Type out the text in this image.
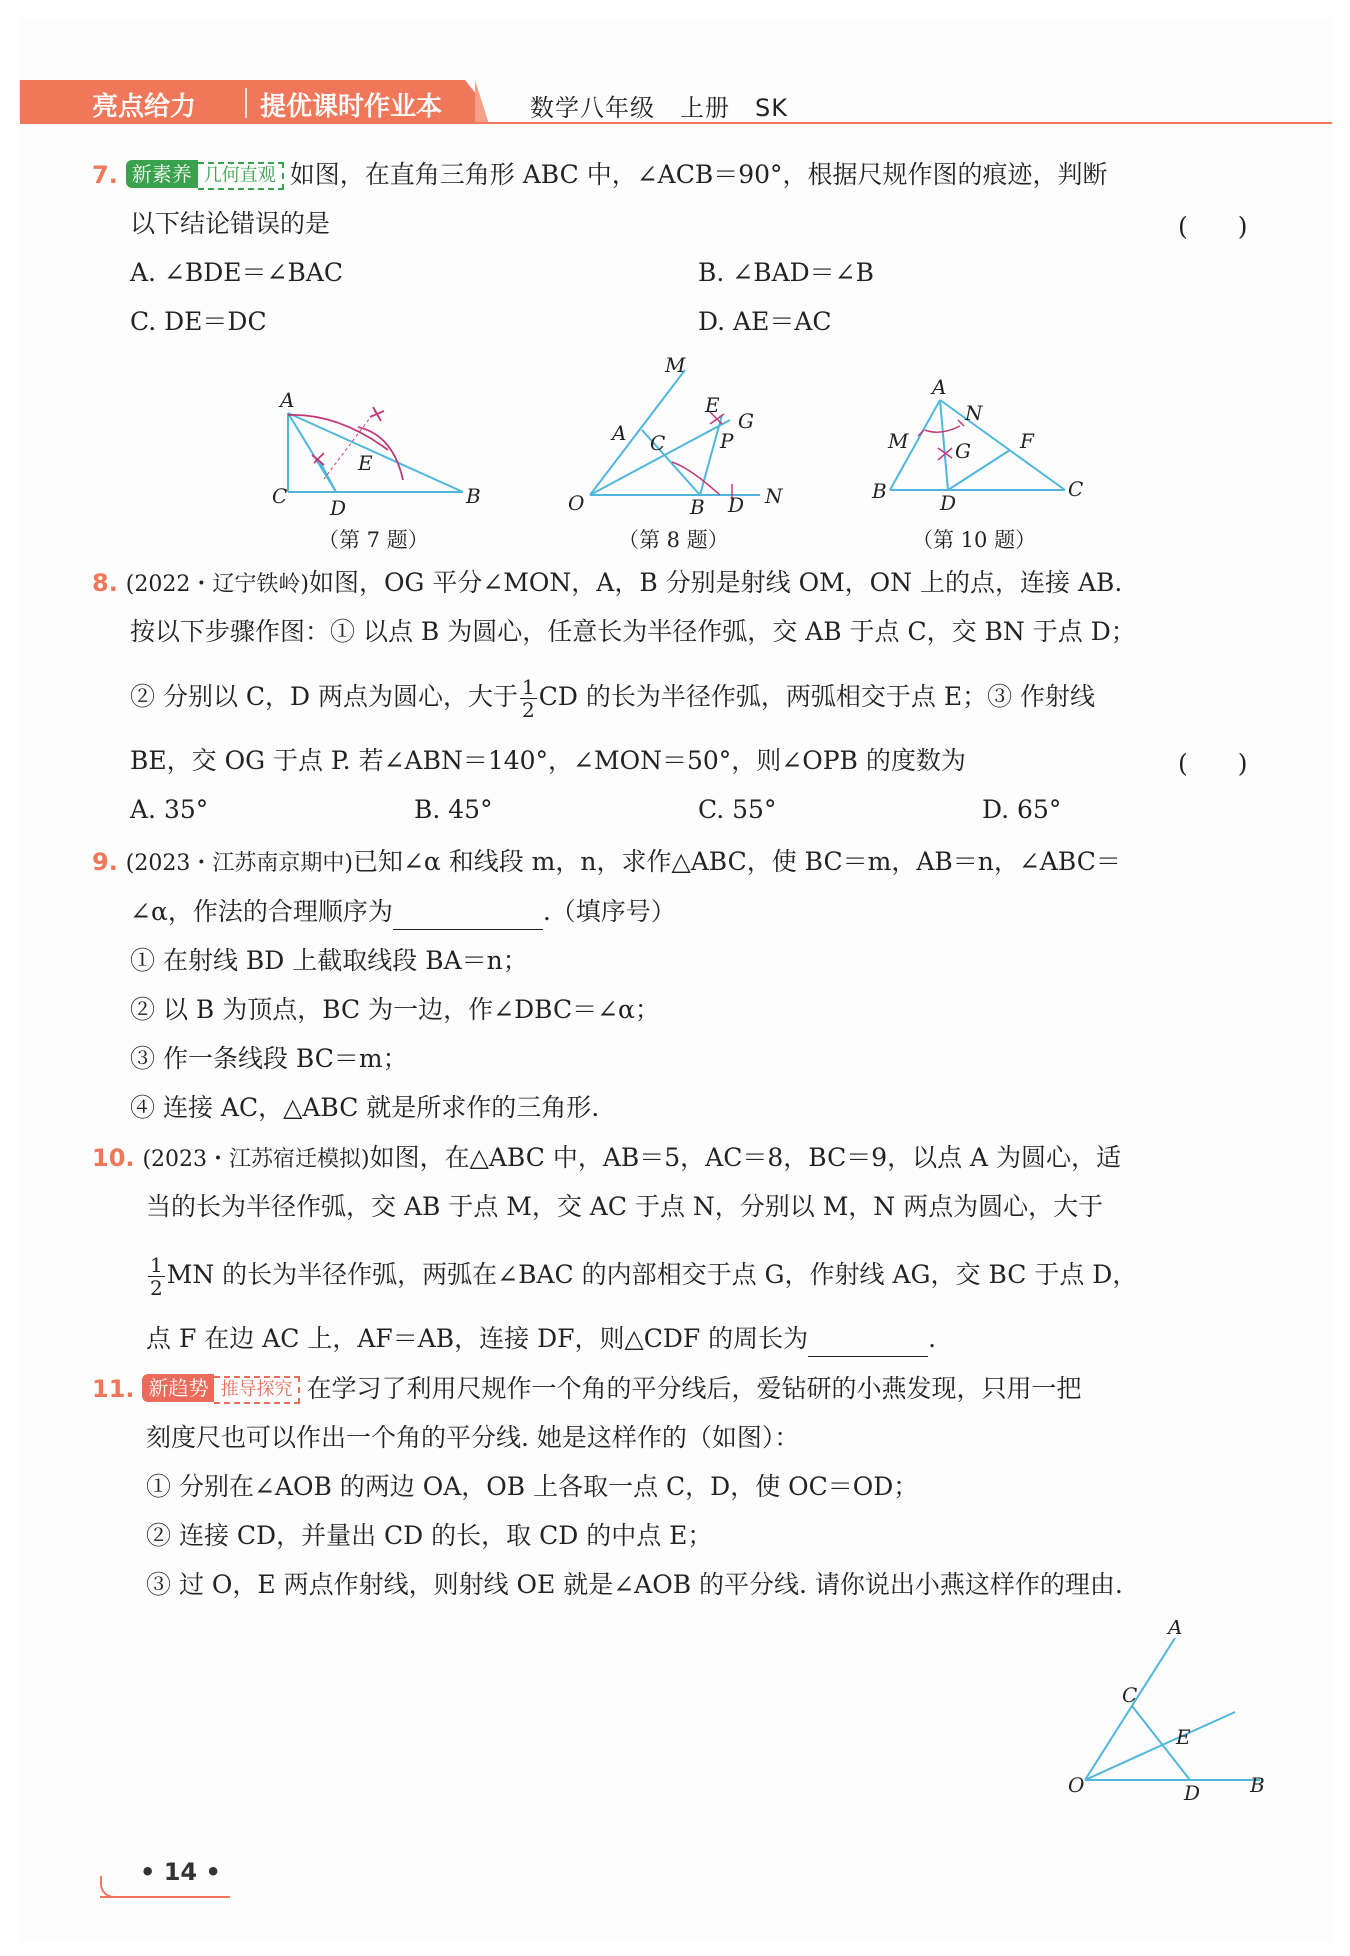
亮点给力 提优课时作业本	数学八年级　上册　SK
7. 新素养 几何直观 如图，在直角三角形 ABC 中，∠ACB＝90°，根据尺规作图的痕迹，判断
以下结论错误的是	(　　)
A. ∠BDE＝∠BAC	B. ∠BAD＝∠B
C. DE＝DC	D. AE＝AC
A
B
C D
E
M
A C
E
G
P
O	B D N
A
N
M G F
B	D
C
（第 7 题）	（第 8 题）	（第 10 题）
8. (2022・辽宁铁岭)如图，OG 平分∠MON，A，B 分别是射线 OM，ON 上的点，连接 AB.
按以下步骤作图：① 以点 B 为圆心，任意长为半径作弧，交 AB 于点 C，交 BN 于点 D；
② 分别以 C，D 两点为圆心，大于 $\frac{1}{2}$ CD 的长为半径作弧，两弧相交于点 E；③ 作射线
BE，交 OG 于点 P. 若∠ABN＝140°，∠MON＝50°，则∠OPB 的度数为	(　　)
A. 35°	B. 45°	C. 55°	D. 65°
9. (2023・江苏南京期中)已知∠α 和线段 m，n，求作△ABC，使 BC＝m，AB＝n，∠ABC＝
∠α，作法的合理顺序为	.（填序号）
① 在射线 BD 上截取线段 BA＝n；
② 以 B 为顶点，BC 为一边，作∠DBC＝∠α；
③ 作一条线段 BC＝m；
④ 连接 AC，△ABC 就是所求作的三角形.
10. (2023・江苏宿迁模拟)如图，在△ABC 中，AB＝5，AC＝8，BC＝9，以点 A 为圆心，适
当的长为半径作弧，交 AB 于点 M，交 AC 于点 N，分别以 M，N 两点为圆心，大于
$\frac{1}{2}$ MN 的长为半径作弧，两弧在∠BAC 的内部相交于点 G，作射线 AG，交 BC 于点 D，
点 F 在边 AC 上，AF＝AB，连接 DF，则△CDF 的周长为	.
11. 新趋势 推导探究 在学习了利用尺规作一个角的平分线后，爱钻研的小燕发现，只用一把
刻度尺也可以作出一个角的平分线. 她是这样作的（如图）：
① 分别在∠AOB 的两边 OA，OB 上各取一点 C，D，使 OC＝OD；
② 连接 CD，并量出 CD 的长，取 CD 的中点 E；
③ 过 O，E 两点作射线，则射线 OE 就是∠AOB 的平分线. 请你说出小燕这样作的理由.
A
C
E
O	D B
• 14 •
